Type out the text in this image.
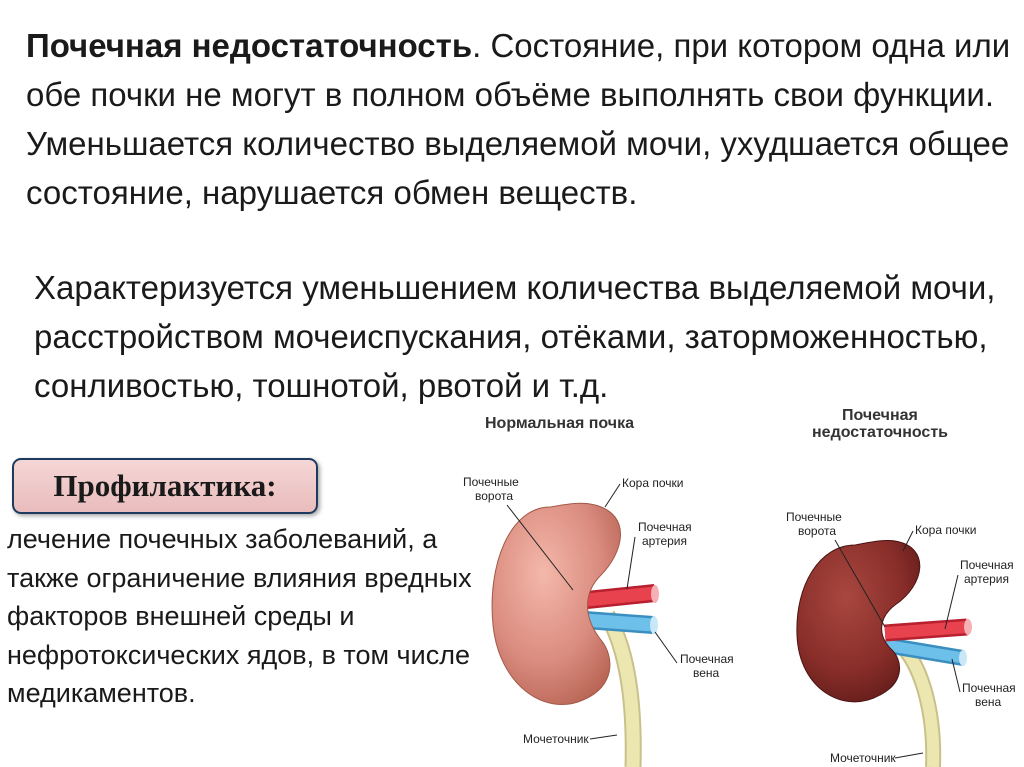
Почечная недостаточность. Состояние, при котором одна или обе почки не могут в полном объёме выполнять свои функции. Уменьшается количество выделяемой мочи, ухудшается общее состояние, нарушается обмен веществ.

Характеризуется уменьшением количества выделяемой мочи, расстройством мочеиспускания, отёками, заторможенностью, сонливостью, тошнотой, рвотой и т.д.

Профилактика:

лечение почечных заболеваний, а также ограничение влияния вредных факторов внешней среды и нефротоксических ядов, в том числе медикаментов.

Нормальная почка
Почечные ворота
Кора почки
Почечная артерия
Почечная вена
Мочеточник
Почечная недостаточность
Почечные ворота	Кора почки
Почечная артерия
Почечная вена
Мочеточник
